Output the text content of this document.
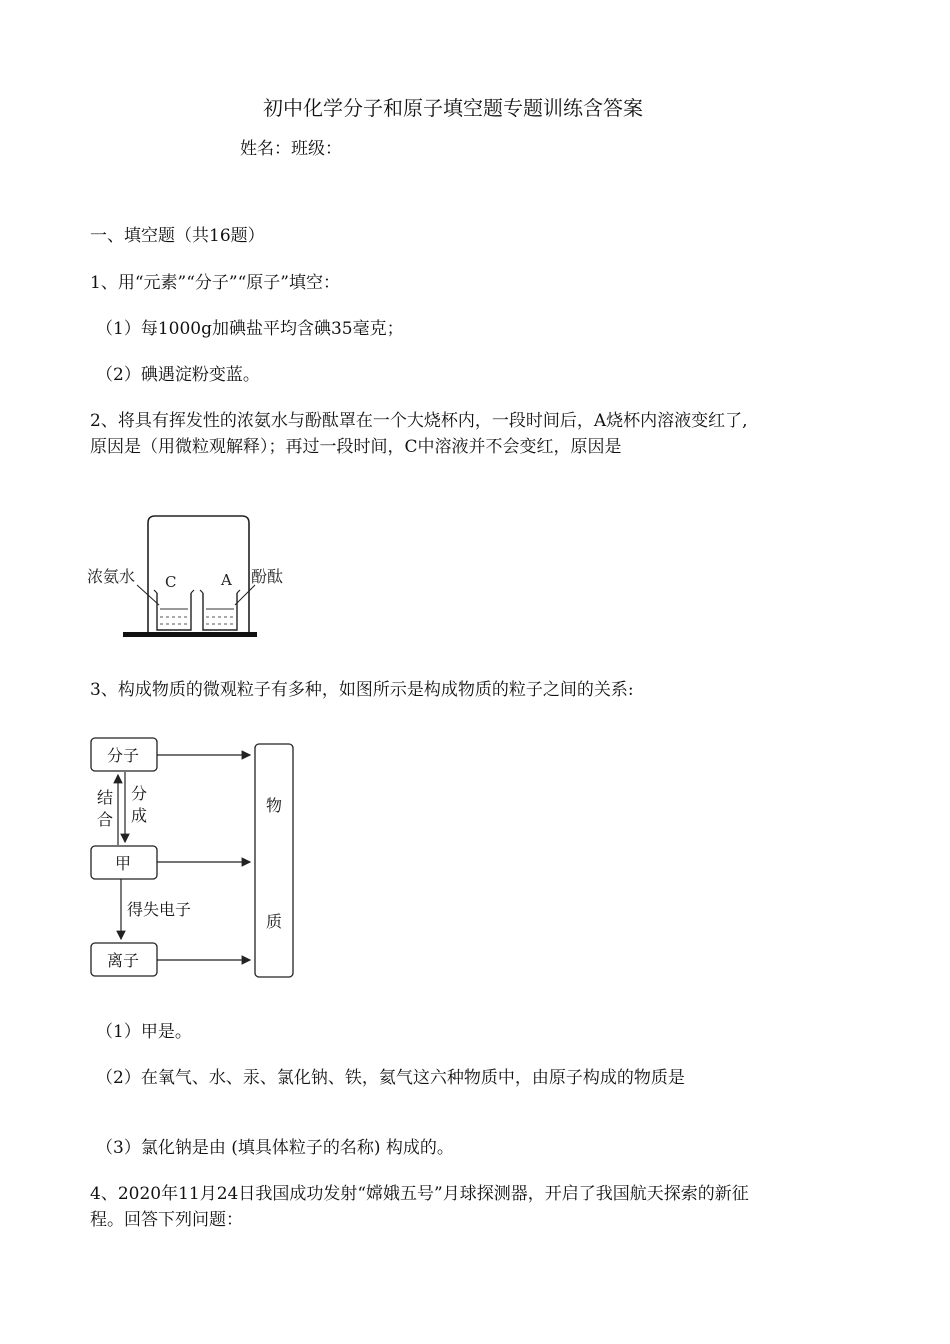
初中化学分子和原子填空题专题训练含答案
姓名：班级：
一、填空题（共16题）
1、用“元素”“分子”“原子”填空：
（1）每1000g加碘盐平均含碘35毫克；
（2）碘遇淀粉变蓝。
2、将具有挥发性的浓氨水与酚酞罩在一个大烧杯内，一段时间后，A烧杯内溶液变红了,
原因是（用微粒观解释）；再过一段时间，C中溶液并不会变红，原因是
C	A
浓氨水	酚酞
3、构成物质的微观粒子有多种，如图所示是构成物质的粒子之间的关系:
分子
甲
离子
物
质
结
合
分
成
得失电子
（1）甲是。
（2）在氧气、水、汞、氯化钠、铁，氦气这六种物质中，由原子构成的物质是
（3）氯化钠是由 (填具体粒子的名称) 构成的。
4、2020年11月24日我国成功发射“嫦娥五号”月球探测器，开启了我国航天探索的新征
程。回答下列问题：
